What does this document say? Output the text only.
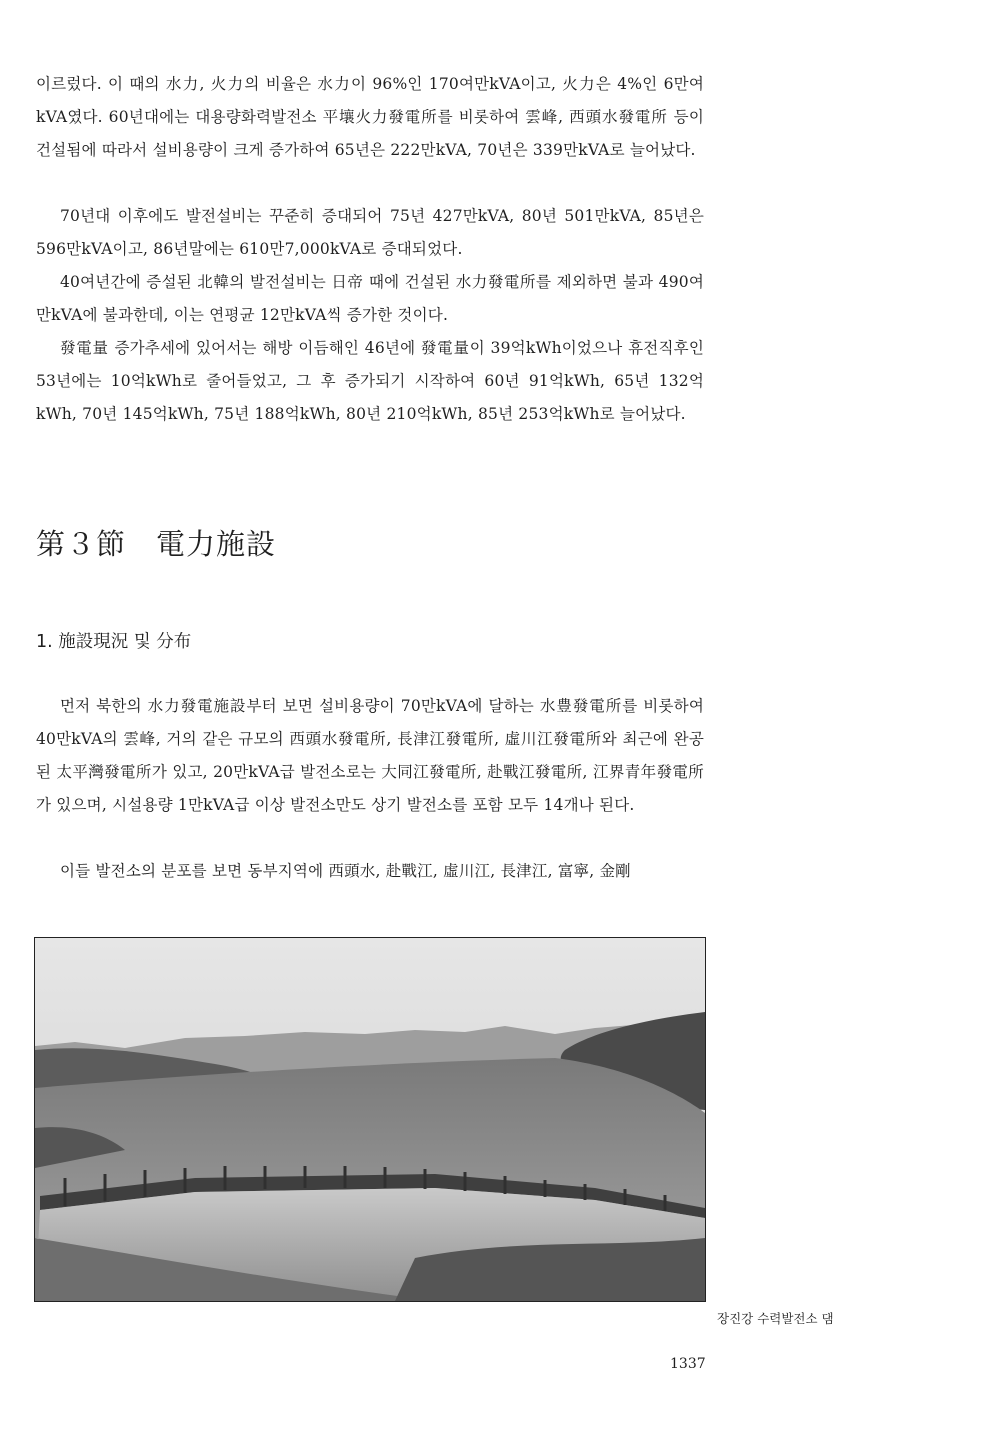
이르렀다. 이 때의 水力, 火力의 비율은 水力이 96%인 170여만kVA이고, 火力은 4%인 6만여kVA였다. 60년대에는 대용량화력발전소 平壤火力發電所를 비롯하여 雲峰, 西頭水發電所 등이 건설됨에 따라서 설비용량이 크게 증가하여 65년은 222만kVA, 70년은 339만kVA로 늘어났다.

70년대 이후에도 발전설비는 꾸준히 증대되어 75년 427만kVA, 80년 501만kVA, 85년은 596만kVA이고, 86년말에는 610만7,000kVA로 증대되었다.

40여년간에 증설된 北韓의 발전설비는 日帝 때에 건설된 水力發電所를 제외하면 불과 490여만kVA에 불과한데, 이는 연평균 12만kVA씩 증가한 것이다.

發電量 증가추세에 있어서는 해방 이듬해인 46년에 發電量이 39억kWh이었으나 휴전직후인 53년에는 10억kWh로 줄어들었고, 그 후 증가되기 시작하여 60년 91억kWh, 65년 132억kWh, 70년 145억kWh, 75년 188억kWh, 80년 210억kWh, 85년 253억kWh로 늘어났다.

第３節 電力施設
1. 施設現況 및 分布

먼저 북한의 水力發電施設부터 보면 설비용량이 70만kVA에 달하는 水豊發電所를 비롯하여 40만kVA의 雲峰, 거의 같은 규모의 西頭水發電所, 長津江發電所, 虛川江發電所와 최근에 완공된 太平灣發電所가 있고, 20만kVA급 발전소로는 大同江發電所, 赴戰江發電所, 江界青年發電所가 있으며, 시설용량 1만kVA급 이상 발전소만도 상기 발전소를 포함 모두 14개나 된다.

이들 발전소의 분포를 보면 동부지역에 西頭水, 赴戰江, 虛川江, 長津江, 富寧, 金剛

장진강 수력발전소 댐
1337
